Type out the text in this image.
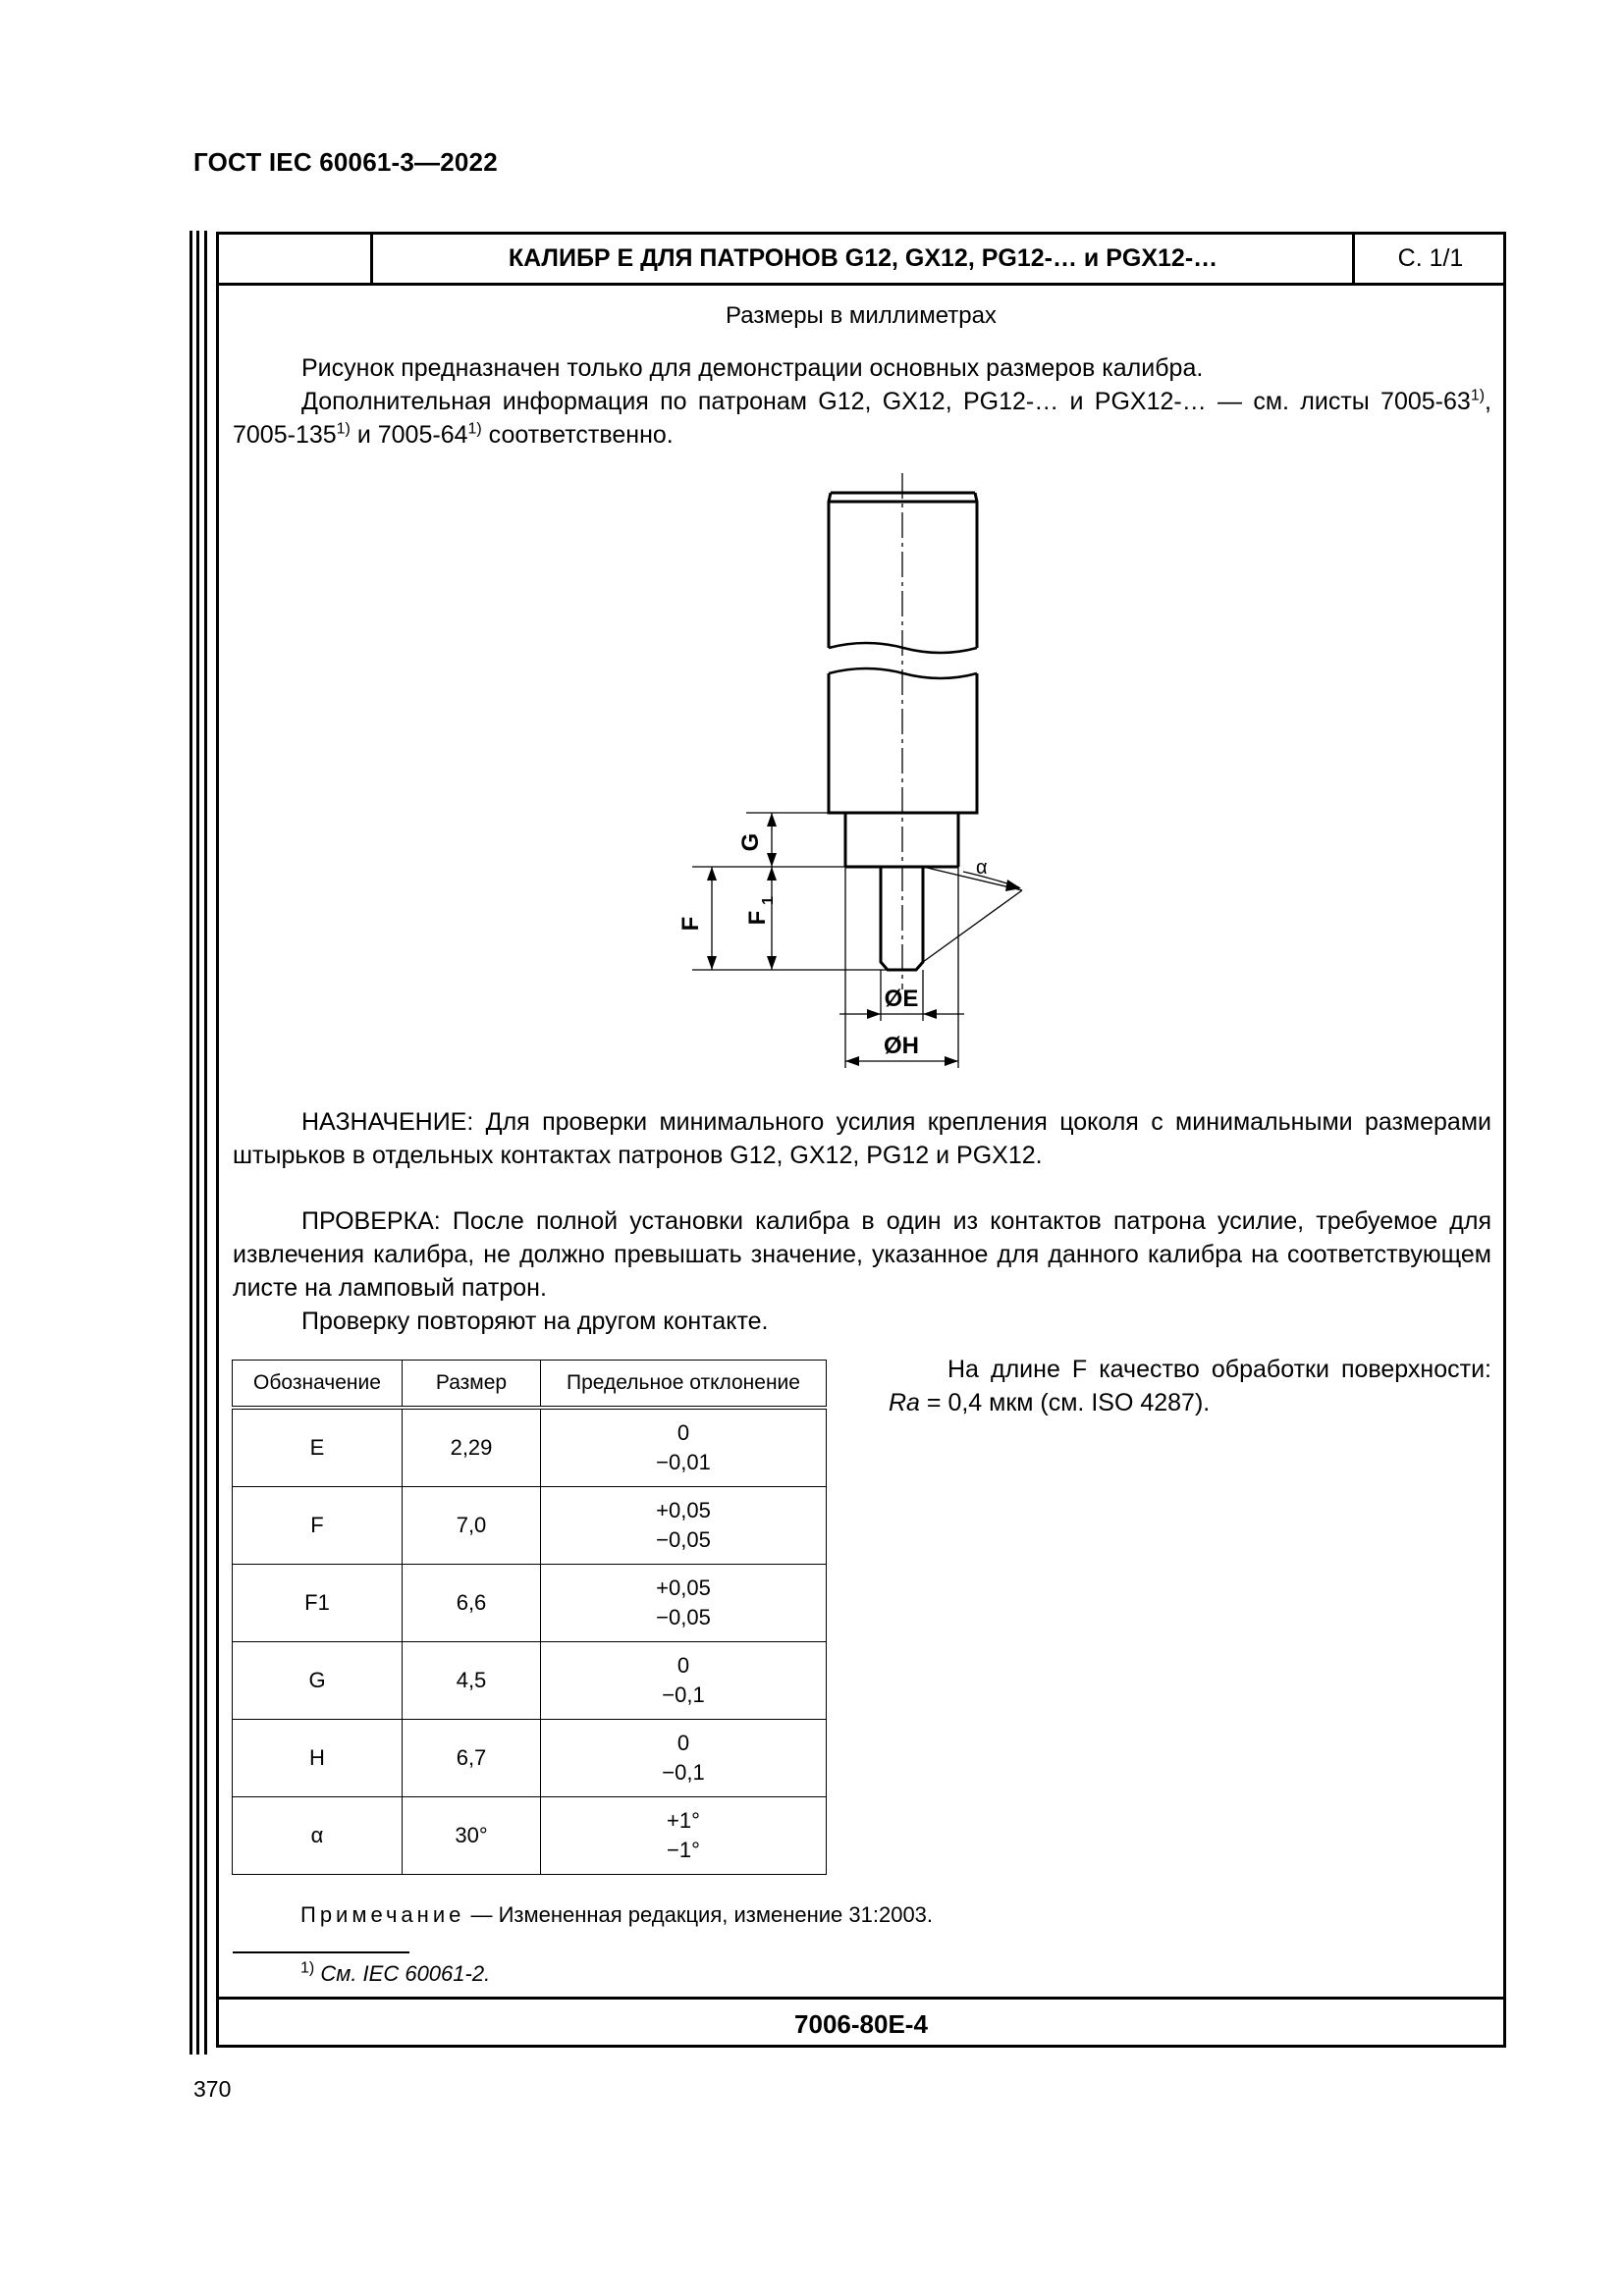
ГОСТ IEC 60061-3—2022
КАЛИБР Е ДЛЯ ПАТРОНОВ G12, GX12, PG12-… и PGX12-…	С. 1/1
Размеры в миллиметрах

Рисунок предназначен только для демонстрации основных размеров калибра.

Дополнительная информация по патронам G12, GX12, PG12-… и PGX12-… — см. листы 7005-63$^{1)}$, 7005-135$^{1)}$ и 7005-64$^{1)}$ соответственно.

G
F F
1
α
ØE
ØH

НАЗНАЧЕНИЕ: Для проверки минимального усилия крепления цоколя с минимальными размерами штырьков в отдельных контактах патронов G12, GX12, PG12 и PGX12.

ПРОВЕРКА: После полной установки калибра в один из контактов патрона усилие, требуемое для извлечения калибра, не должно превышать значение, указанное для данного калибра на соответствующем листе на ламповый патрон.

Проверку повторяют на другом контакте.

Обозначение	Размер	Предельное отклонение
E	2,29	0
−0,01
F	7,0	+0,05
−0,05
F1	6,6	+0,05
−0,05
G	4,5	0
−0,1
H	6,7	0
−0,1
α	30°	+1°
−1°
На длине F качество обработки поверхности: Ra = 0,4 мкм (см. ISO 4287).
Примечание — Измененная редакция, изменение 31:2003.
$^{1)}$ См. IEC 60061-2.
7006-80E-4
370
